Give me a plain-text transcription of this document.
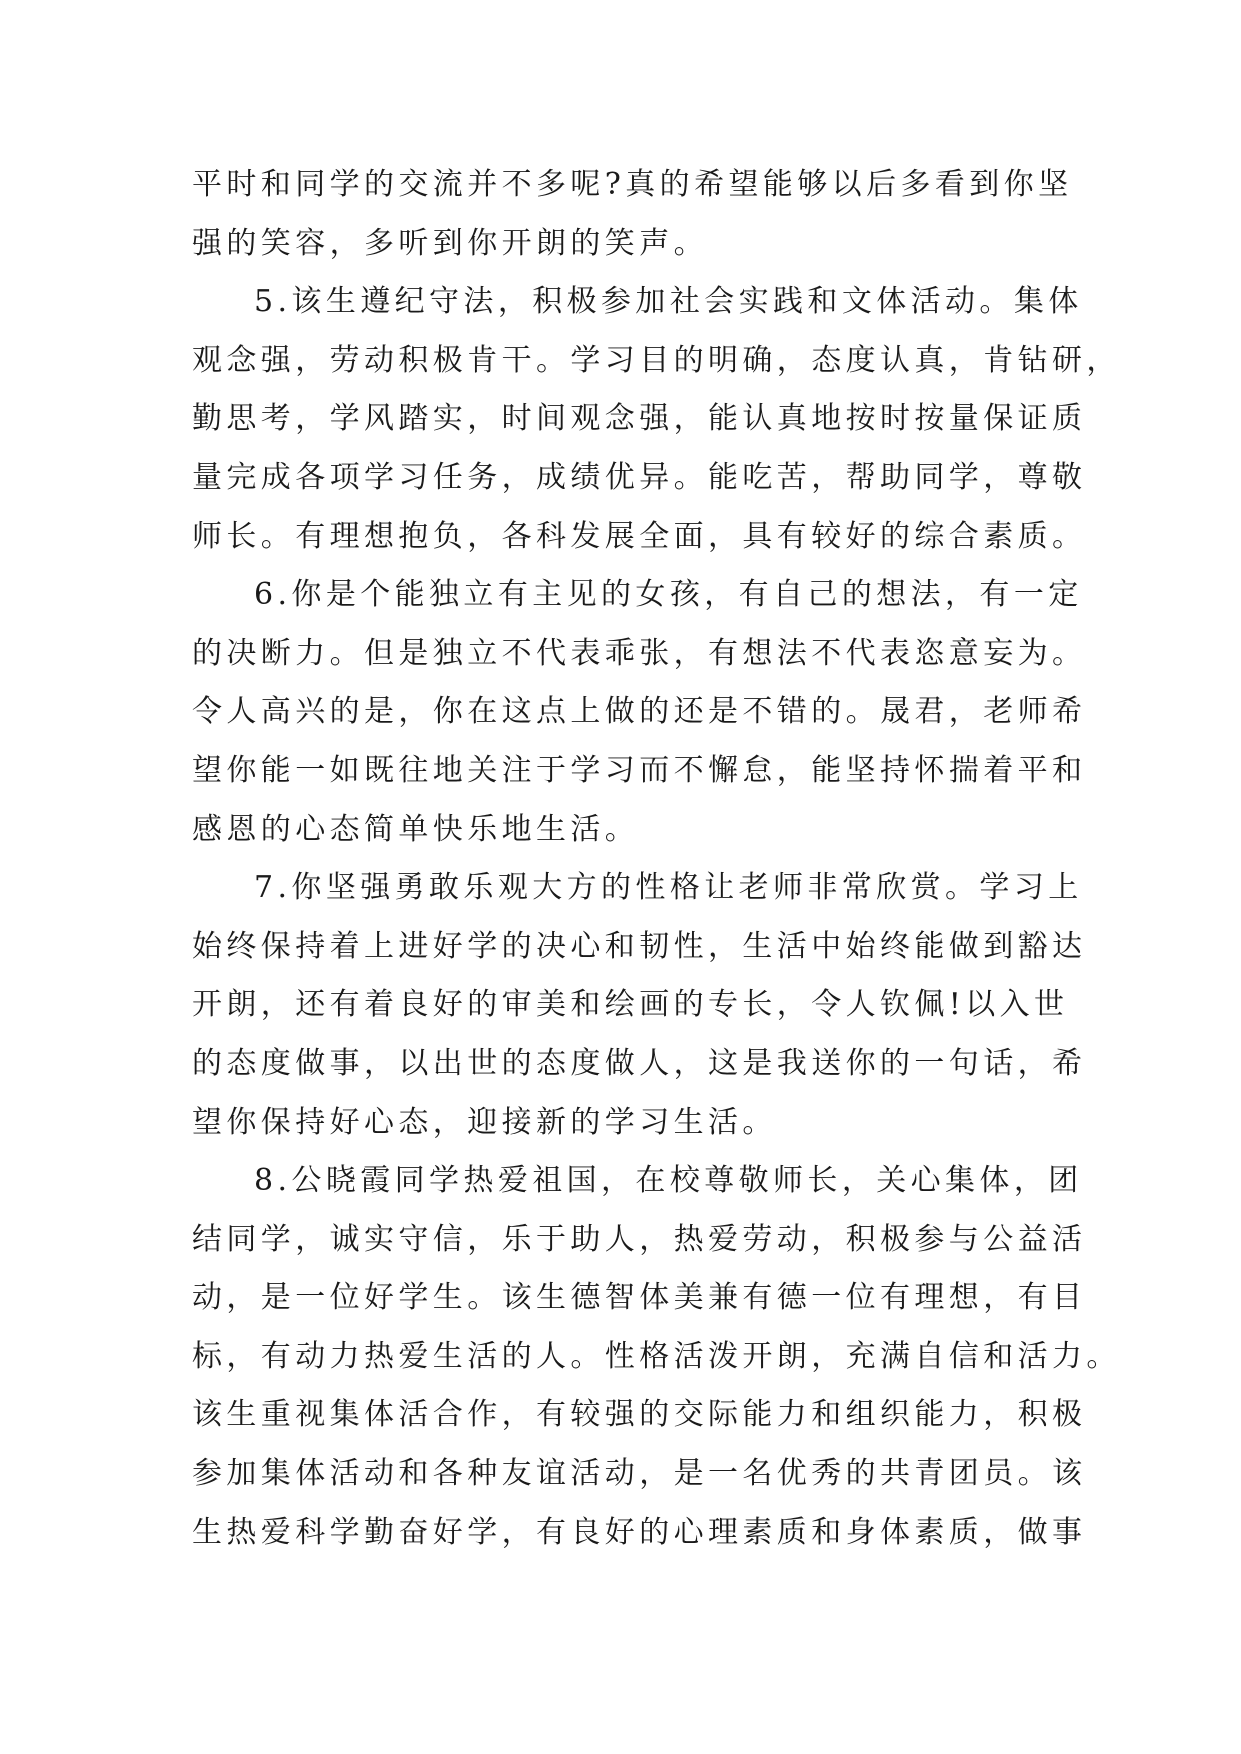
平时和同学的交流并不多呢?真的希望能够以后多看到你坚
强的笑容，多听到你开朗的笑声。
5.该生遵纪守法，积极参加社会实践和文体活动。集体
观念强，劳动积极肯干。学习目的明确，态度认真，肯钻研，
勤思考，学风踏实，时间观念强，能认真地按时按量保证质
量完成各项学习任务，成绩优异。能吃苦，帮助同学，尊敬
师长。有理想抱负，各科发展全面，具有较好的综合素质。
6.你是个能独立有主见的女孩，有自己的想法，有一定
的决断力。但是独立不代表乖张，有想法不代表恣意妄为。
令人高兴的是，你在这点上做的还是不错的。晟君，老师希
望你能一如既往地关注于学习而不懈怠，能坚持怀揣着平和
感恩的心态简单快乐地生活。
7.你坚强勇敢乐观大方的性格让老师非常欣赏。学习上
始终保持着上进好学的决心和韧性，生活中始终能做到豁达
开朗，还有着良好的审美和绘画的专长，令人钦佩!以入世
的态度做事，以出世的态度做人，这是我送你的一句话，希
望你保持好心态，迎接新的学习生活。
8.公晓霞同学热爱祖国，在校尊敬师长，关心集体，团
结同学，诚实守信，乐于助人，热爱劳动，积极参与公益活
动，是一位好学生。该生德智体美兼有德一位有理想，有目
标，有动力热爱生活的人。性格活泼开朗，充满自信和活力。
该生重视集体活合作，有较强的交际能力和组织能力，积极
参加集体活动和各种友谊活动，是一名优秀的共青团员。该
生热爱科学勤奋好学，有良好的心理素质和身体素质，做事
